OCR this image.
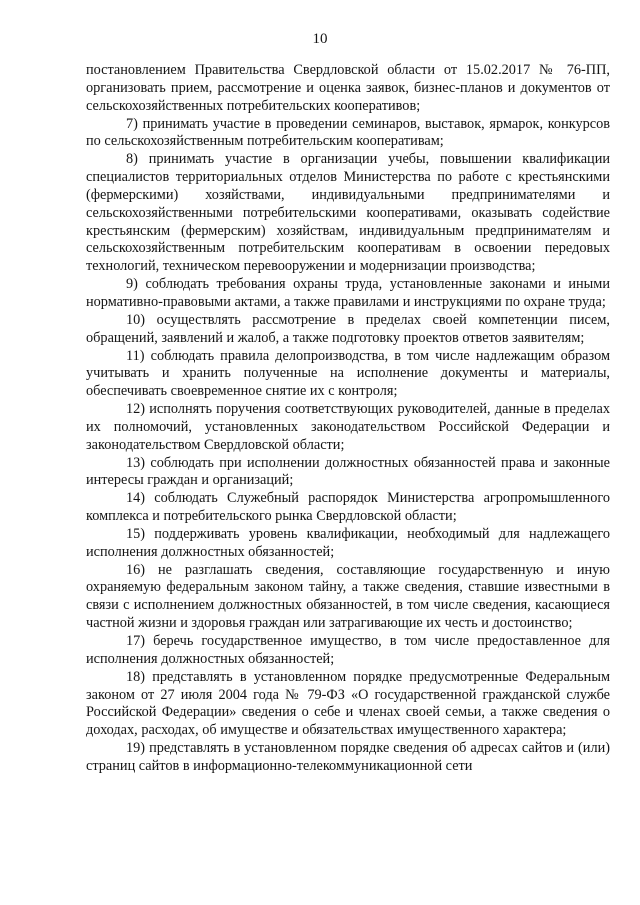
10

постановлением Правительства Свердловской области от 15.02.2017 № 76-ПП, организовать прием, рассмотрение и оценка заявок, бизнес-планов и документов от сельскохозяйственных потребительских кооперативов;

7) принимать участие в проведении семинаров, выставок, ярмарок, конкурсов по сельскохозяйственным потребительским кооперативам;

8) принимать участие в организации учебы, повышении квалификации специалистов территориальных отделов Министерства по работе с крестьянскими (фермерскими) хозяйствами, индивидуальными предпринимателями и сельскохозяйственными потребительскими кооперативами, оказывать содействие крестьянским (фермерским) хозяйствам, индивидуальным предпринимателям и сельскохозяйственным потребительским кооперативам в освоении передовых технологий, техническом перевооружении и модернизации производства;

9) соблюдать требования охраны труда, установленные законами и иными нормативно-правовыми актами, а также правилами и инструкциями по охране труда;

10) осуществлять рассмотрение в пределах своей компетенции писем, обращений, заявлений и жалоб, а также подготовку проектов ответов заявителям;

11) соблюдать правила делопроизводства, в том числе надлежащим образом учитывать и хранить полученные на исполнение документы и материалы, обеспечивать своевременное снятие их с контроля;

12) исполнять поручения соответствующих руководителей, данные в пределах их полномочий, установленных законодательством Российской Федерации и законодательством Свердловской области;

13) соблюдать при исполнении должностных обязанностей права и законные интересы граждан и организаций;

14) соблюдать Служебный распорядок Министерства агропромышленного комплекса и потребительского рынка Свердловской области;

15) поддерживать уровень квалификации, необходимый для надлежащего исполнения должностных обязанностей;

16) не разглашать сведения, составляющие государственную и иную охраняемую федеральным законом тайну, а также сведения, ставшие известными в связи с исполнением должностных обязанностей, в том числе сведения, касающиеся частной жизни и здоровья граждан или затрагивающие их честь и достоинство;

17) беречь государственное имущество, в том числе предоставленное для исполнения должностных обязанностей;

18) представлять в установленном порядке предусмотренные Федеральным законом от 27 июля 2004 года № 79-ФЗ «О государственной гражданской службе Российской Федерации» сведения о себе и членах своей семьи, а также сведения о доходах, расходах, об имуществе и обязательствах имущественного характера;

19) представлять в установленном порядке сведения об адресах сайтов и (или) страниц сайтов в информационно-телекоммуникационной сети
